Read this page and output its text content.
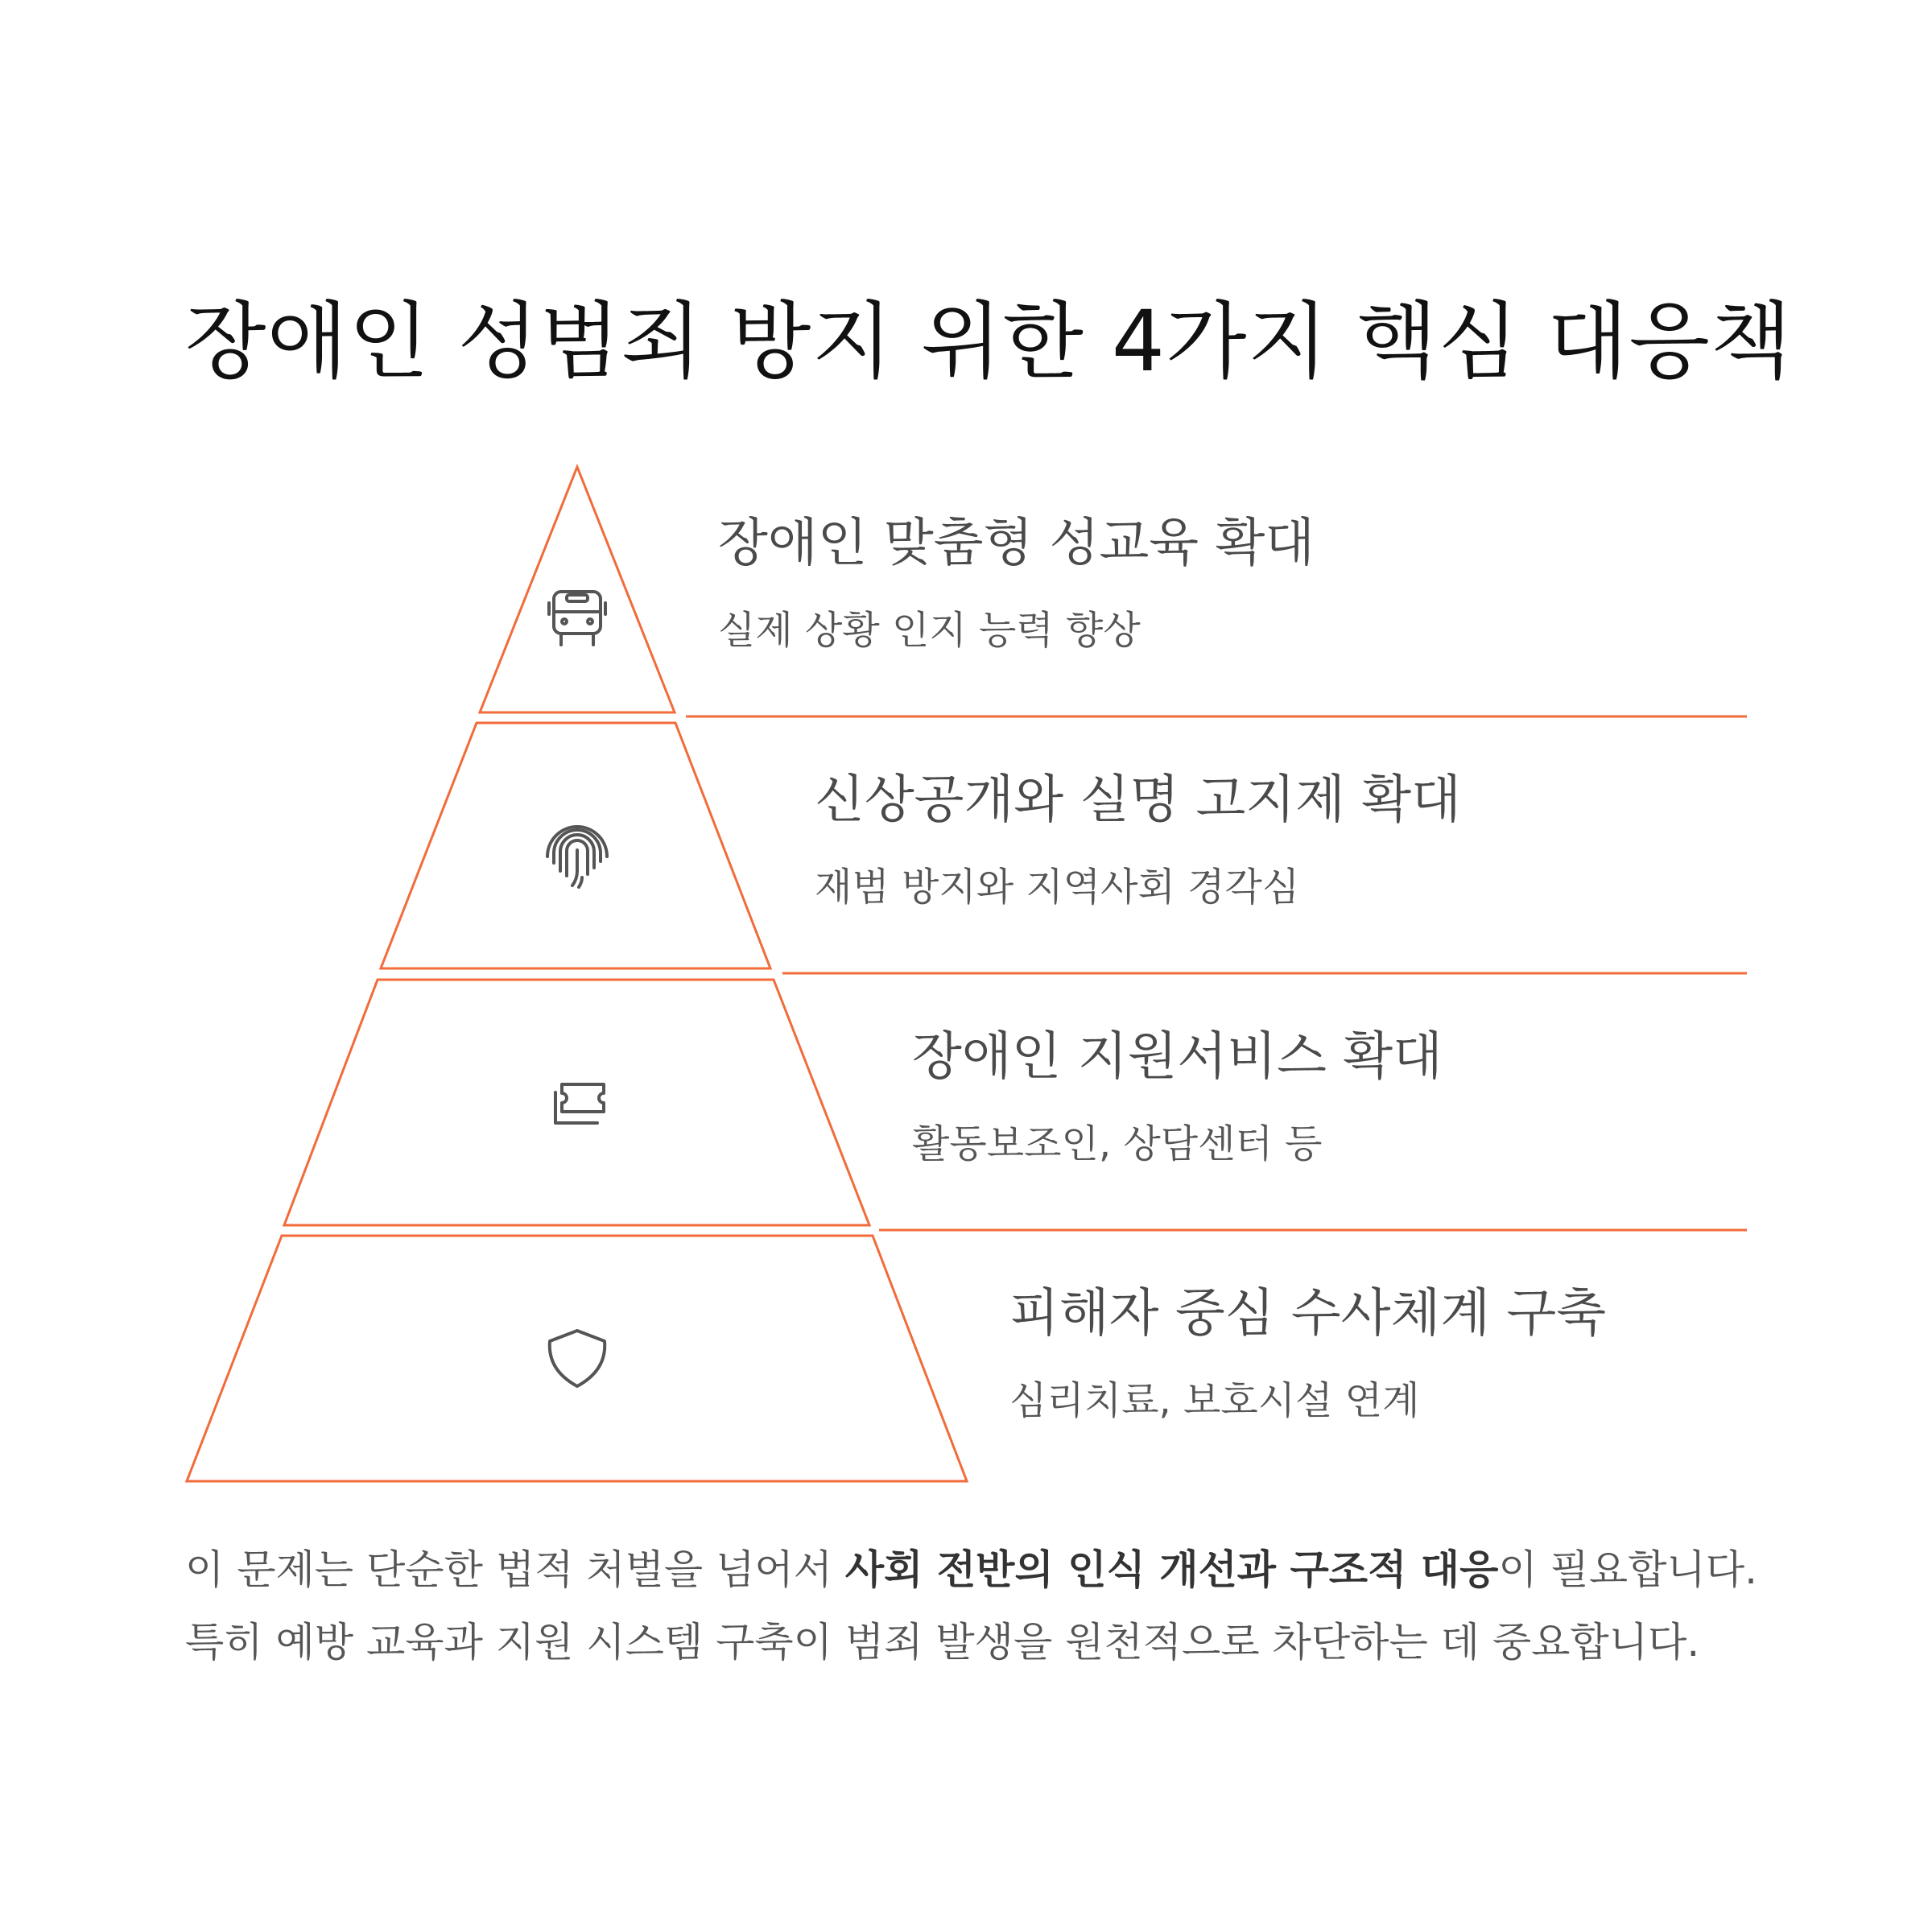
장애인 성범죄 방지 위한 4가지 핵심 대응책
장애인 맞춤형 성교육 확대
실제 상황 인지 능력 향상
신상공개와 실명 고지제 확대
재범 방지와 지역사회 경각심
장애인 지원서비스 확대
활동보조인, 상담센터 등
피해자 중심 수사체계 구축
심리치료, 보호시설 연계

이 문제는 단순한 법적 처벌을 넘어서 사회 전반의 인식 개선과 구조적 대응이 필요합니다. 특히 예방 교육과 지원 시스템 구축이 범죄 발생을 원천적으로 차단하는 데 중요합니다.
